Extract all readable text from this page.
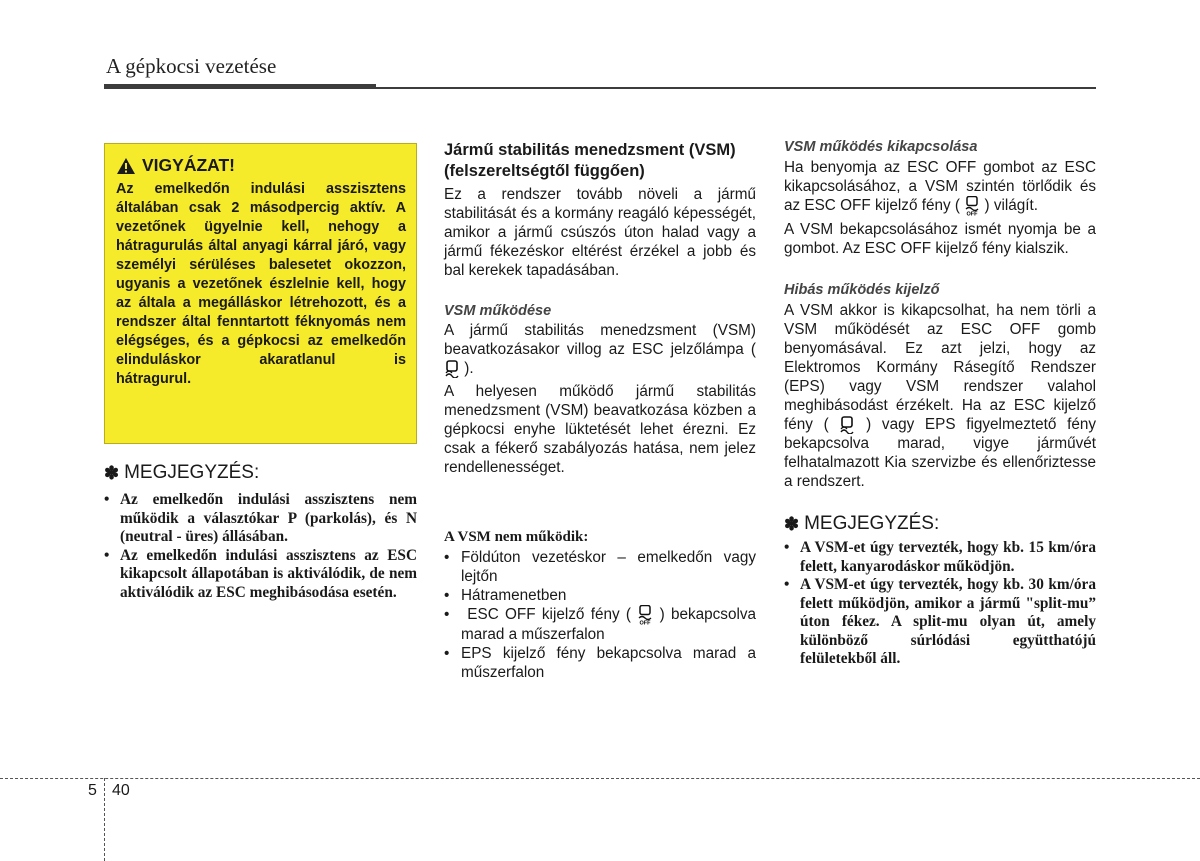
A gépkocsi vezetése
VIGYÁZAT!
Az emelkedőn indulási asszisztens általában csak 2 másodpercig aktív. A vezetőnek ügyelnie kell, nehogy a hátragurulás által anyagi kárral járó, vagy személyi sérüléses balesetet okozzon, ugyanis a vezetőnek észlelnie kell, hogy az általa a megálláskor létrehozott, és a rendszer által fenntartott féknyomás nem elégséges, és a gépkocsi az emelkedőn elinduláskor akaratlanul is
hátragurul.
✽ MEGJEGYZÉS:
• Az emelkedőn indulási asszisztens nem működik a választókar P (parkolás), és N (neutral - üres) állásában.
• Az emelkedőn indulási asszisztens az ESC kikapcsolt állapotában is aktiválódik, de nem aktiválódik az ESC meghibásodása esetén.
Jármű stabilitás menedzsment (VSM) (felszereltségtől függően)

Ez a rendszer tovább növeli a jármű stabilitását és a kormány reagáló képességét, amikor a jármű csúszós úton halad vagy a jármű fékezéskor eltérést érzékel a jobb és bal kerekek tapadásában.

VSM működése

A jármű stabilitás menedzsment (VSM) beavatkozásakor villog az ESC jelzőlámpa (  ).

A helyesen működő jármű stabilitás menedzsment (VSM) beavatkozása közben a gépkocsi enyhe lüktetését lehet érezni. Ez csak a fékerő szabályozás hatása, nem jelez rendellenességet.

A VSM nem működik:
• Földúton vezetéskor – emelkedőn vagy lejtőn
• Hátramenetben
• ESC OFF kijelző fény (
OFF
) bekapcsolva marad a műszerfalon
• EPS kijelző fény bekapcsolva marad a műszerfalon
VSM működés kikapcsolása

Ha benyomja az ESC OFF gombot az ESC kikapcsolásához, a VSM szintén törlődik és az ESC OFF kijelző fény (
OFF
) világít.

A VSM bekapcsolásához ismét nyomja be a gombot. Az ESC OFF kijelző fény kialszik.

Hibás működés kijelző

A VSM akkor is kikapcsolhat, ha nem törli a VSM működését az ESC OFF gomb benyomásával. Ez azt jelzi, hogy az Elektromos Kormány Rásegítő Rendszer (EPS) vagy VSM rendszer valahol meghibásodást érzékelt. Ha az ESC kijelző fény ( ) vagy EPS figyelmeztető fény bekapcsolva marad, vigye járművét felhatalmazott Kia szervizbe és ellenőriztesse a rendszert.

✽ MEGJEGYZÉS:
• A VSM-et úgy tervezték, hogy kb. 15 km/óra felett, kanyarodáskor működjön.
• A VSM-et úgy tervezték, hogy kb. 30 km/óra felett működjön, amikor a jármű "split-mu” úton fékez. A split-mu olyan út, amely különböző súrlódási együtthatójú felületekből áll.
5 40
